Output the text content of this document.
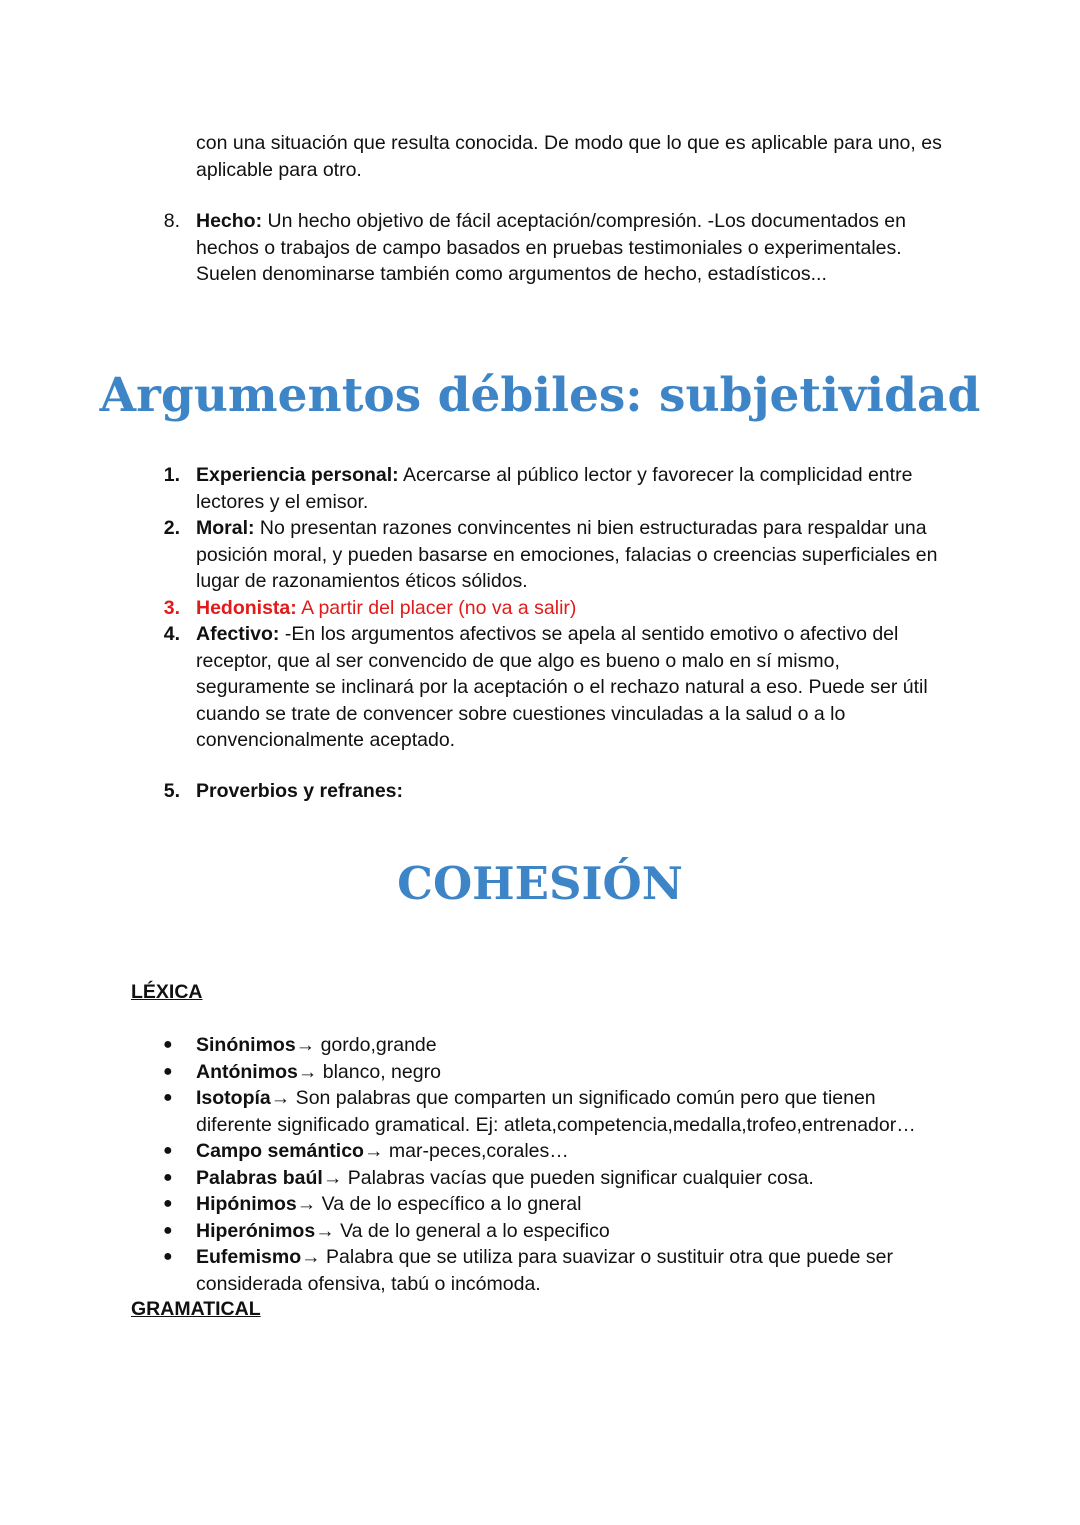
con una situación que resulta conocida. De modo que lo que es aplicable para uno, es aplicable para otro.
8. Hecho: Un hecho objetivo de fácil aceptación/compresión. -Los documentados en hechos o trabajos de campo basados en pruebas testimoniales o experimentales. Suelen denominarse también como argumentos de hecho, estadísticos...
Argumentos débiles: subjetividad
1. Experiencia personal: Acercarse al público lector y favorecer la complicidad entre lectores y el emisor.
2. Moral: No presentan razones convincentes ni bien estructuradas para respaldar una posición moral, y pueden basarse en emociones, falacias o creencias superficiales en lugar de razonamientos éticos sólidos.
3. Hedonista: A partir del placer (no va a salir)
4. Afectivo: -En los argumentos afectivos se apela al sentido emotivo o afectivo del receptor, que al ser convencido de que algo es bueno o malo en sí mismo, seguramente se inclinará por la aceptación o el rechazo natural a eso. Puede ser útil cuando se trate de convencer sobre cuestiones vinculadas a la salud o a lo convencionalmente aceptado.
5. Proverbios y refranes:
COHESIÓN
LÉXICA
● Sinónimos→ gordo,grande
● Antónimos→ blanco, negro
● Isotopía→ Son palabras que comparten un significado común pero que tienen diferente significado gramatical. Ej: atleta,competencia,medalla,trofeo,entrenador…
● Campo semántico→ mar-peces,corales…
● Palabras baúl→ Palabras vacías que pueden significar cualquier cosa.
● Hipónimos→ Va de lo específico a lo gneral
● Hiperónimos→ Va de lo general a lo especifico
● Eufemismo→ Palabra que se utiliza para suavizar o sustituir otra que puede ser considerada ofensiva, tabú o incómoda.
GRAMATICAL
